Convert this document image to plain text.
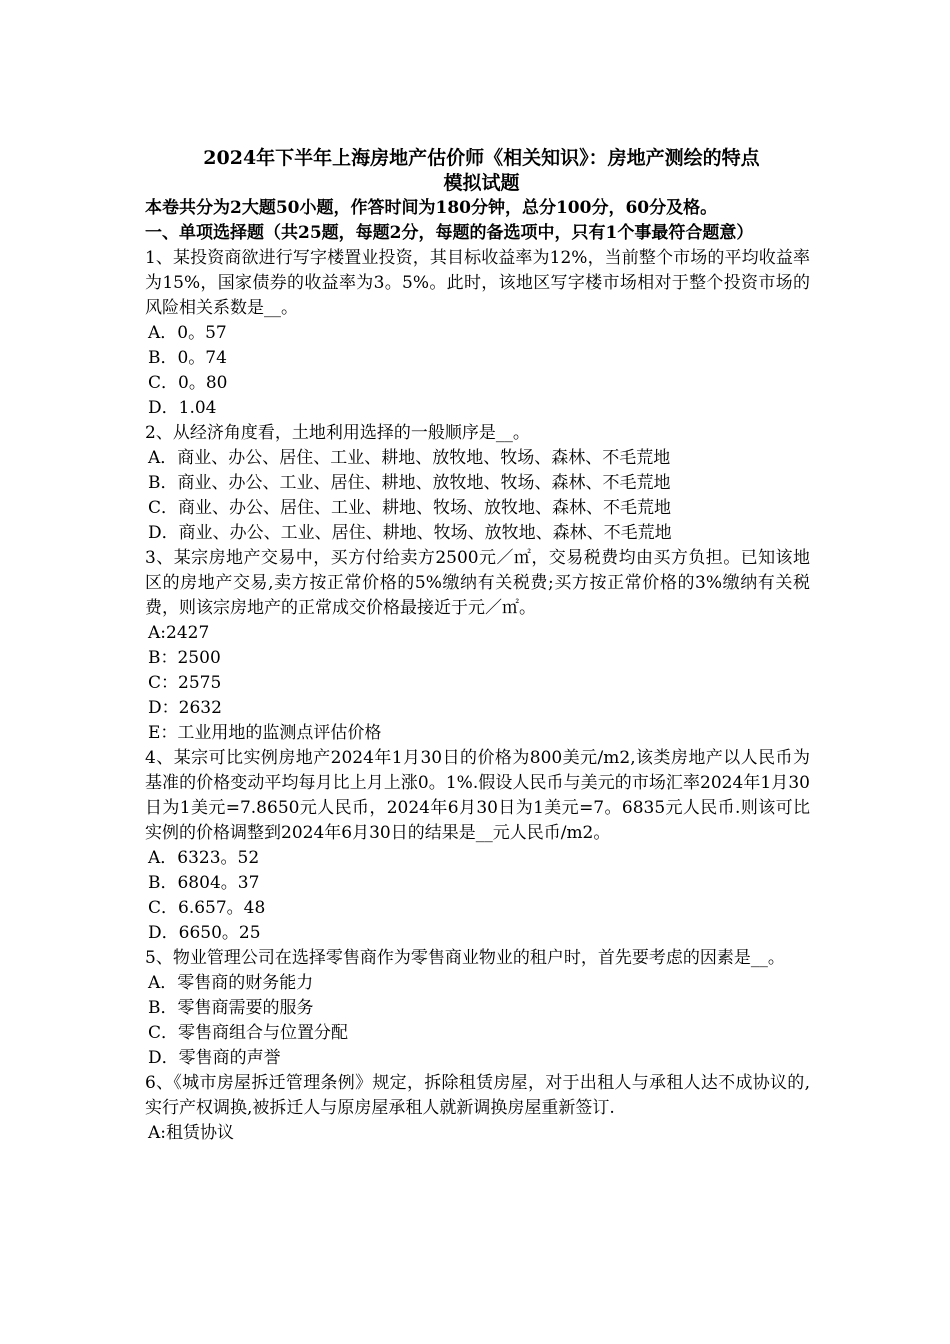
2024年下半年上海房地产估价师《相关知识》：房地产测绘的特点
模拟试题

本卷共分为2大题50小题，作答时间为180分钟，总分100分，60分及格。

一、单项选择题（共25题，每题2分，每题的备选项中，只有1个事最符合题意）

1、某投资商欲进行写字楼置业投资，其目标收益率为12%，当前整个市场的平均收益率为15%，国家债券的收益率为3。5%。此时，该地区写字楼市场相对于整个投资市场的风险相关系数是__。

A．0。57

B．0。74

C．0。80

D．1.04

2、从经济角度看，土地利用选择的一般顺序是__。

A．商业、办公、居住、工业、耕地、放牧地、牧场、森林、不毛荒地

B．商业、办公、工业、居住、耕地、放牧地、牧场、森林、不毛荒地

C．商业、办公、居住、工业、耕地、牧场、放牧地、森林、不毛荒地

D．商业、办公、工业、居住、耕地、牧场、放牧地、森林、不毛荒地

3、某宗房地产交易中，买方付给卖方2500元／㎡，交易税费均由买方负担。已知该地区的房地产交易,卖方按正常价格的5%缴纳有关税费;买方按正常价格的3%缴纳有关税费，则该宗房地产的正常成交价格最接近于元／㎡。

A:2427

B：2500

C：2575

D：2632

E：工业用地的监测点评估价格

4、某宗可比实例房地产2024年1月30日的价格为800美元/m2,该类房地产以人民币为基准的价格变动平均每月比上月上涨0。1%.假设人民币与美元的市场汇率2024年1月30日为1美元=7.8650元人民币，2024年6月30日为1美元=7。6835元人民币.则该可比实例的价格调整到2024年6月30日的结果是__元人民币/m2。

A．6323。52

B．6804。37

C．6.657。48

D．6650。25

5、物业管理公司在选择零售商作为零售商业物业的租户时，首先要考虑的因素是__。

A．零售商的财务能力

B．零售商需要的服务

C．零售商组合与位置分配

D．零售商的声誉

6、《城市房屋拆迁管理条例》规定，拆除租赁房屋，对于出租人与承租人达不成协议的,实行产权调换,被拆迁人与原房屋承租人就新调换房屋重新签订.

A:租赁协议
